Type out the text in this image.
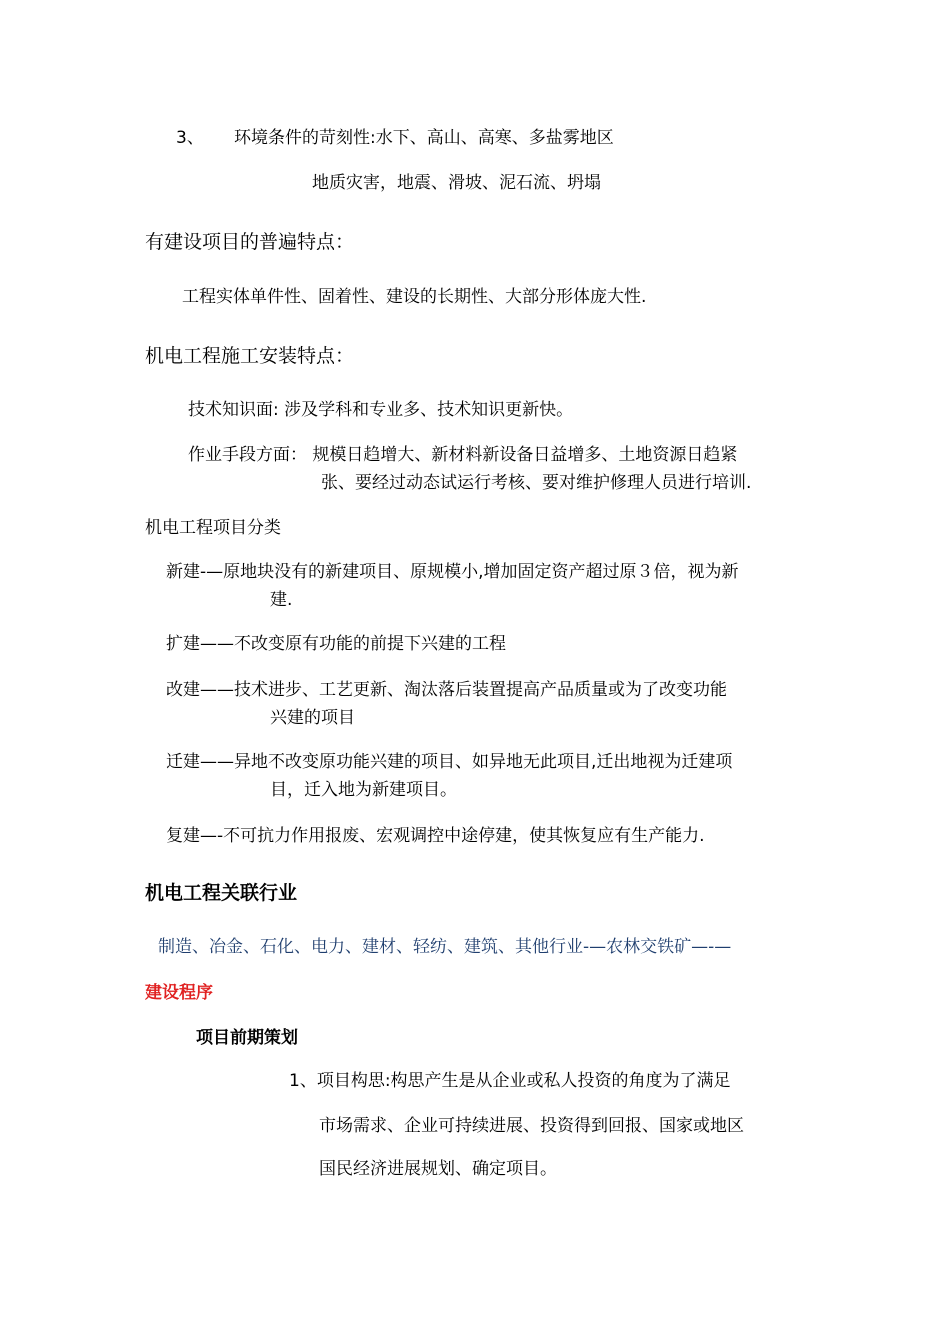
3、 环境条件的苛刻性:水下、高山、高寒、多盐雾地区
地质灾害，地震、滑坡、泥石流、坍塌
有建设项目的普遍特点：
工程实体单件性、固着性、建设的长期性、大部分形体庞大性.
机电工程施工安装特点：
技术知识面: 涉及学科和专业多、技术知识更新快。
作业手段方面： 规模日趋增大、新材料新设备日益增多、土地资源日趋紧
张、要经过动态试运行考核、要对维护修理人员进行培训.
机电工程项目分类
新建-—原地块没有的新建项目、原规模小,增加固定资产超过原３倍，视为新
建.
扩建——不改变原有功能的前提下兴建的工程
改建——技术进步、工艺更新、淘汰落后装置提高产品质量或为了改变功能
兴建的项目
迁建——异地不改变原功能兴建的项目、如异地无此项目,迁出地视为迁建项
目，迁入地为新建项目。
复建—-不可抗力作用报废、宏观调控中途停建，使其恢复应有生产能力.
机电工程关联行业
制造、冶金、石化、电力、建材、轻纺、建筑、其他行业-—农林交铁矿—-—
建设程序
项目前期策划
1、项目构思:构思产生是从企业或私人投资的角度为了满足
市场需求、企业可持续进展、投资得到回报、国家或地区
国民经济进展规划、确定项目。
